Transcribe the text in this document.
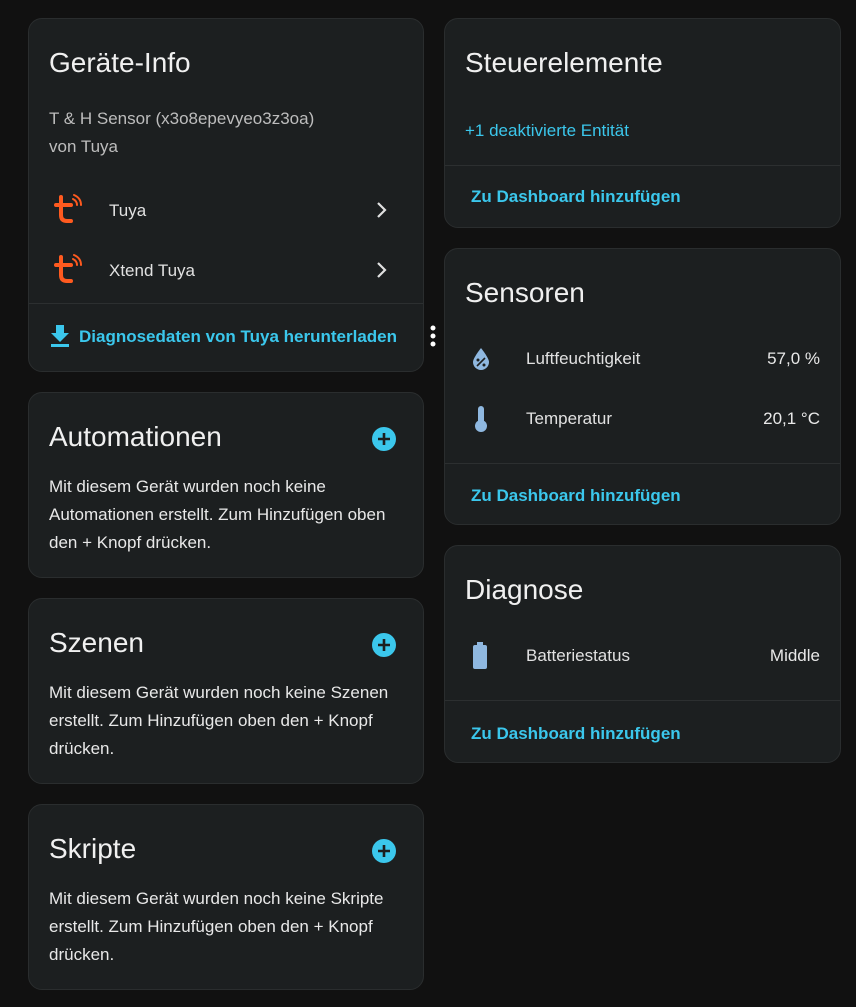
Geräte-Info
T & H Sensor (x3o8epevyeo3z3oa)
von Tuya
Tuya
Xtend Tuya
Diagnosedaten von Tuya herunterladen
Automationen
Mit diesem Gerät wurden noch keine Automationen erstellt. Zum Hinzufügen oben den + Knopf drücken.
Szenen
Mit diesem Gerät wurden noch keine Szenen erstellt. Zum Hinzufügen oben den + Knopf drücken.
Skripte
Mit diesem Gerät wurden noch keine Skripte erstellt. Zum Hinzufügen oben den + Knopf drücken.
Steuerelemente
+1 deaktivierte Entität
Zu Dashboard hinzufügen
Sensoren
Luftfeuchtigkeit	57,0 %
Temperatur	20,1 °C
Zu Dashboard hinzufügen
Diagnose
Batteriestatus	Middle
Zu Dashboard hinzufügen
